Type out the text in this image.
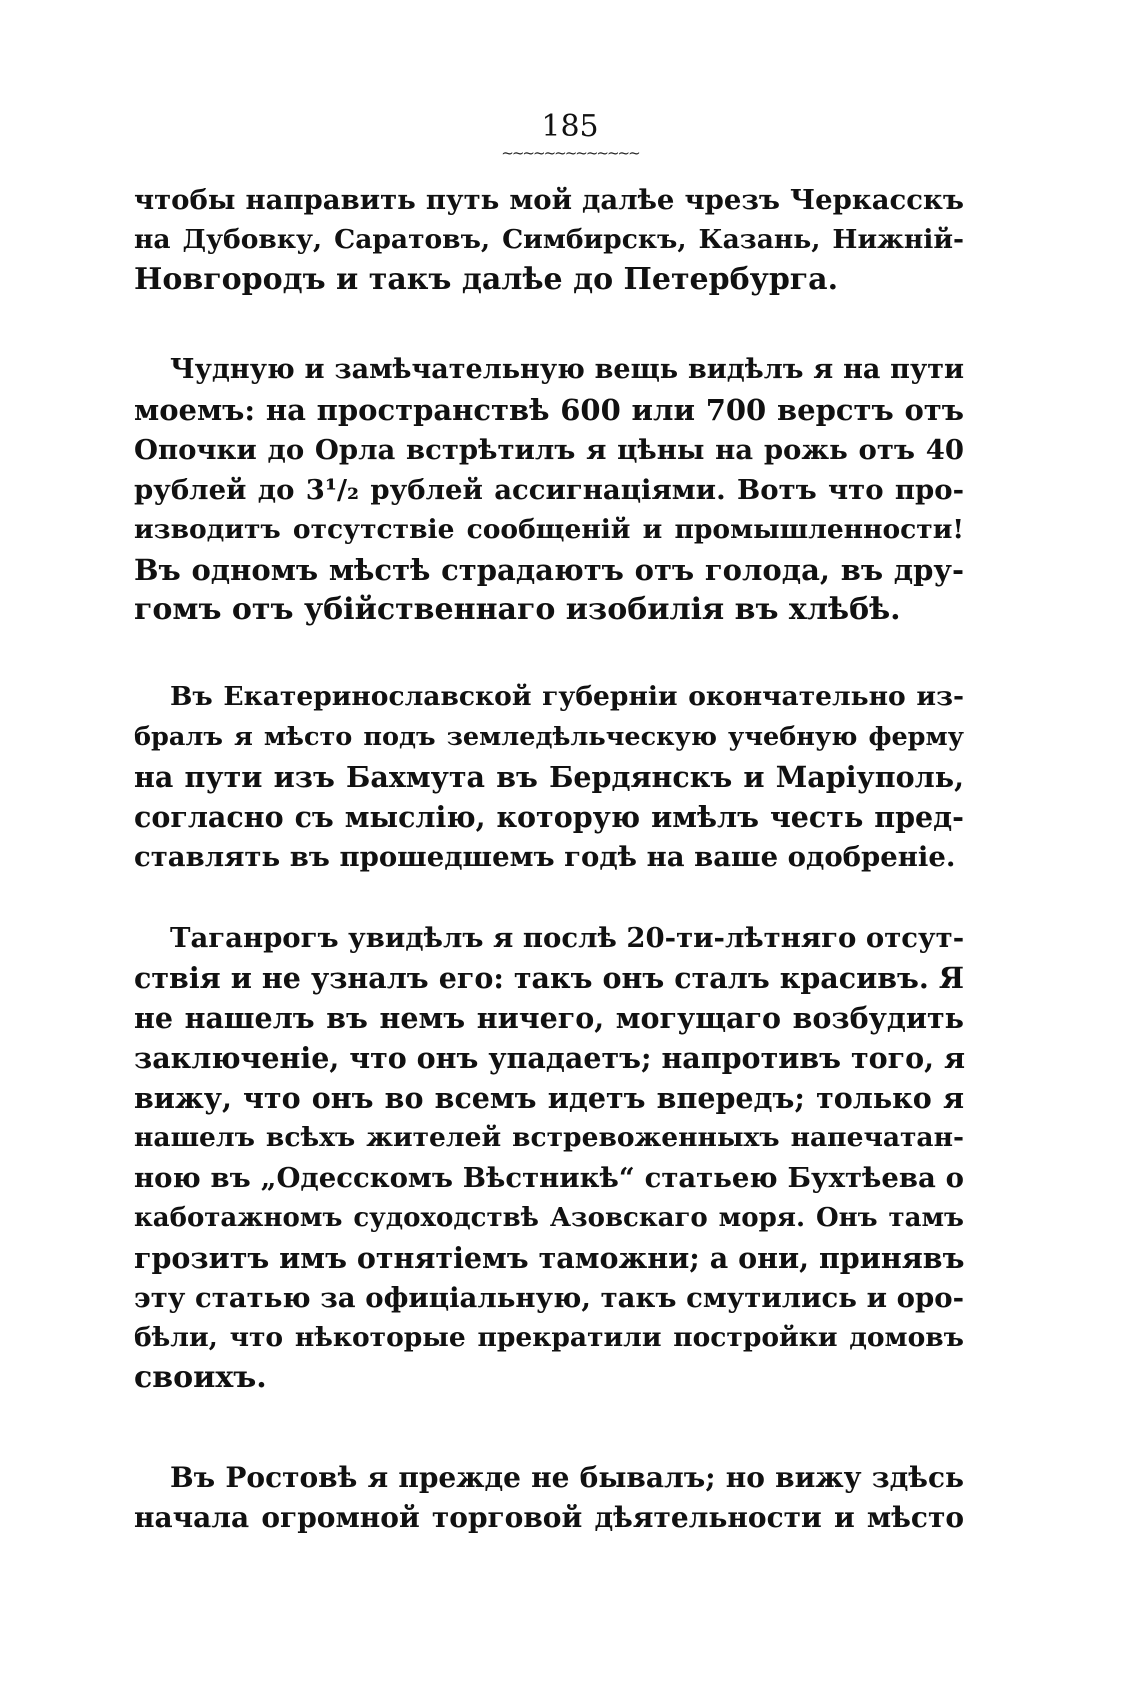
185
~~~~~~~~~~~~~
чтобы направить путь мой далѣе чрезъ Черкасскъ
на Дубовку, Саратовъ, Симбирскъ, Казань, Нижній-
Новгородъ и такъ далѣе до Петербурга.
Чудную и замѣчательную вещь видѣлъ я на пути
моемъ: на пространствѣ 600 или 700 верстъ отъ
Опочки до Орла встрѣтилъ я цѣны на рожь отъ 40
рублей до 3¹/₂ рублей ассигнаціями. Вотъ что про-
изводитъ отсутствіе сообщеній и промышленности!
Въ одномъ мѣстѣ страдаютъ отъ голода, въ дру-
гомъ отъ убійственнаго изобилія въ хлѣбѣ.
Въ Екатеринославской губерніи окончательно из-
бралъ я мѣсто подъ земледѣльческую учебную ферму
на пути изъ Бахмута въ Бердянскъ и Маріуполь,
согласно съ мыслію, которую имѣлъ честь пред-
ставлять въ прошедшемъ годѣ на ваше одобреніе.
Таганрогъ увидѣлъ я послѣ 20-ти-лѣтняго отсут-
ствія и не узналъ его: такъ онъ сталъ красивъ. Я
не нашелъ въ немъ ничего, могущаго возбудить
заключеніе, что онъ упадаетъ; напротивъ того, я
вижу, что онъ во всемъ идетъ впередъ; только я
нашелъ всѣхъ жителей встревоженныхъ напечатан-
ною въ „Одесскомъ Вѣстникѣ“ статьею Бухтѣева о
каботажномъ судоходствѣ Азовскаго моря. Онъ тамъ
грозитъ имъ отнятіемъ таможни; а они, принявъ
эту статью за офиціальную, такъ смутились и оро-
бѣли, что нѣкоторые прекратили постройки домовъ
своихъ.
Въ Ростовѣ я прежде не бывалъ; но вижу здѣсь
начала огромной торговой дѣятельности и мѣсто
